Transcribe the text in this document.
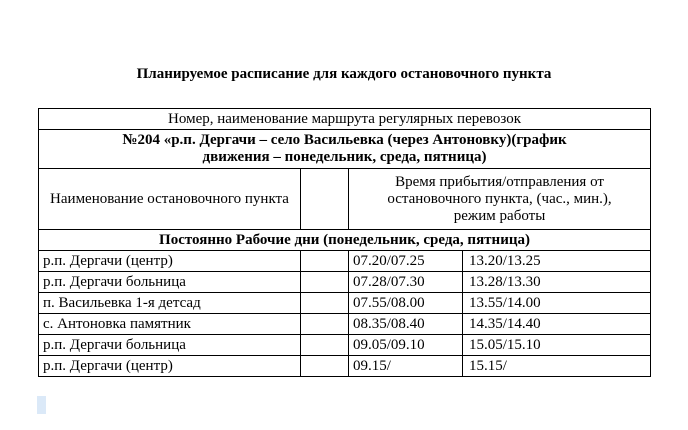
Планируемое расписание для каждого остановочного пункта
Номер, наименование маршрута регулярных перевозок			

№204 «р.п. Дергачи – село Васильевка (через Антоновку)(график
движения – понедельник, среда, пятница)			

Наименование остановочного пункта		Время прибытия/отправления от остановочного пункта, (час., мин.), режим работы	
Постоянно Рабочие дни (понедельник, среда, пятница)			
р.п. Дергачи (центр)		07.20/07.25	13.20/13.25
р.п. Дергачи больница		07.28/07.30	13.28/13.30
п. Васильевка 1-я детсад		07.55/08.00	13.55/14.00
с. Антоновка памятник		08.35/08.40	14.35/14.40
р.п. Дергачи больница		09.05/09.10	15.05/15.10
р.п. Дергачи (центр)		09.15/	15.15/
